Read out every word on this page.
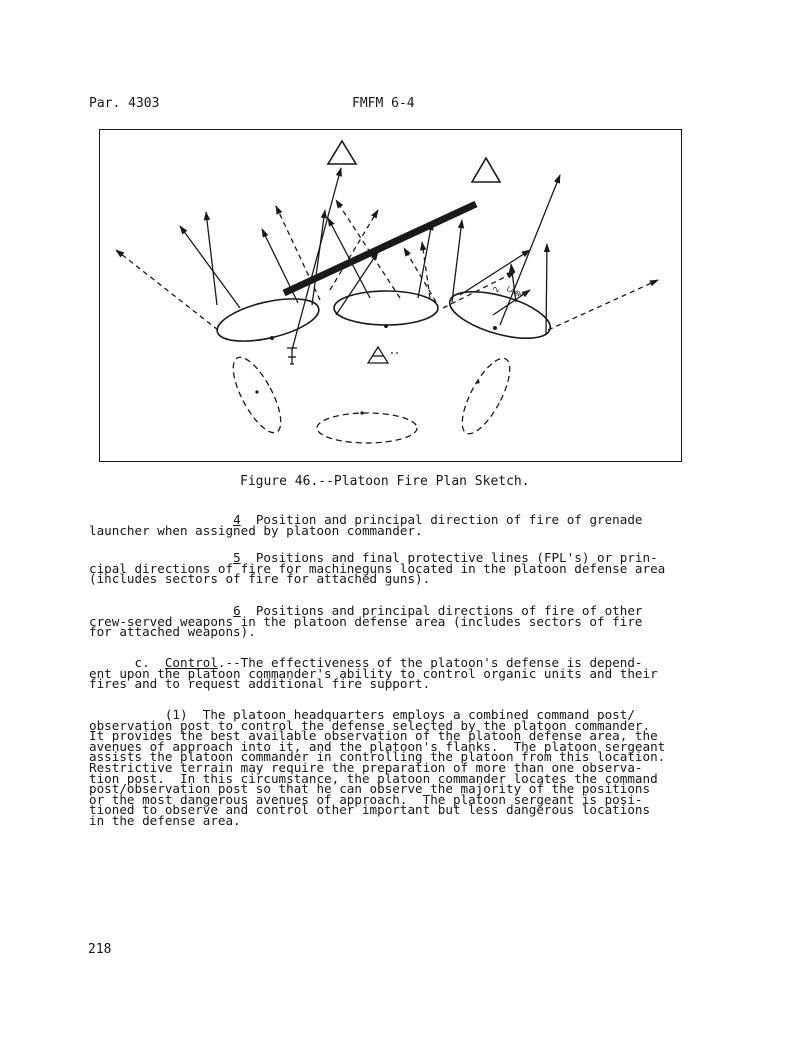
Par. 4303	FMFM 6-4
2 LAAW
Figure 46.--Platoon Fire Plan Sketch.
4 Position and principal direction of fire of grenade
launcher when assigned by platoon commander.
5 Positions and final protective lines (FPL's) or prin-
cipal directions of fire for machineguns located in the platoon defense area
(includes sectors of fire for attached guns).
6 Positions and principal directions of fire of other
crew-served weapons in the platoon defense area (includes sectors of fire
for attached weapons).
c. Control.--The effectiveness of the platoon's defense is depend-
ent upon the platoon commander's ability to control organic units and their
fires and to request additional fire support.
(1)  The platoon headquarters employs a combined command post/
observation post to control the defense selected by the platoon commander.
It provides the best available observation of the platoon defense area, the
avenues of approach into it, and the platoon's flanks.  The platoon sergeant
assists the platoon commander in controlling the platoon from this location.
Restrictive terrain may require the preparation of more than one observa-
tion post.  In this circumstance, the platoon commander locates the command
post/observation post so that he can observe the majority of the positions
or the most dangerous avenues of approach.  The platoon sergeant is posi-
tioned to observe and control other important but less dangerous locations
in the defense area.
218
